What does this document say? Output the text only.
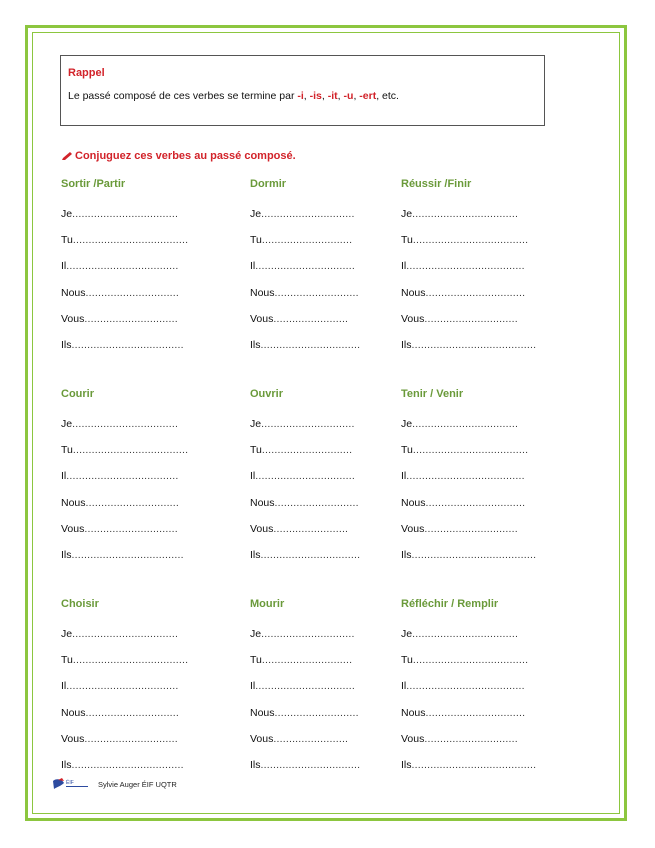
Rappel
Le passé composé de ces verbes se termine par -i, -is, -it, -u, -ert, etc.
Conjuguez ces verbes au passé composé.
Sortir /Partir
Je ..................................
Tu .....................................
Il ....................................
Nous ..............................
Vous ..............................
Ils ....................................
Dormir
Je ..............................
Tu .............................
Il ................................
Nous ...........................
Vous ........................
Ils ................................
Réussir /Finir
Je ..................................
Tu .....................................
Il ......................................
Nous ................................
Vous ..............................
Ils ........................................
Courir
Je ..................................
Tu .....................................
Il ....................................
Nous ..............................
Vous ..............................
Ils ....................................
Ouvrir
Je ..............................
Tu .............................
Il ................................
Nous ...........................
Vous ........................
Ils ................................
Tenir / Venir
Je ..................................
Tu .....................................
Il ......................................
Nous ................................
Vous ..............................
Ils ........................................
Choisir
Je ..................................
Tu .....................................
Il ....................................
Nous ..............................
Vous ..............................
Ils ....................................
Mourir
Je ..............................
Tu .............................
Il ................................
Nous ...........................
Vous ........................
Ils ................................
Réfléchir / Remplir
Je ..................................
Tu .....................................
Il ......................................
Nous ................................
Vous ..............................
Ils ........................................
ÉIF	Sylvie Auger ÉIF UQTR
